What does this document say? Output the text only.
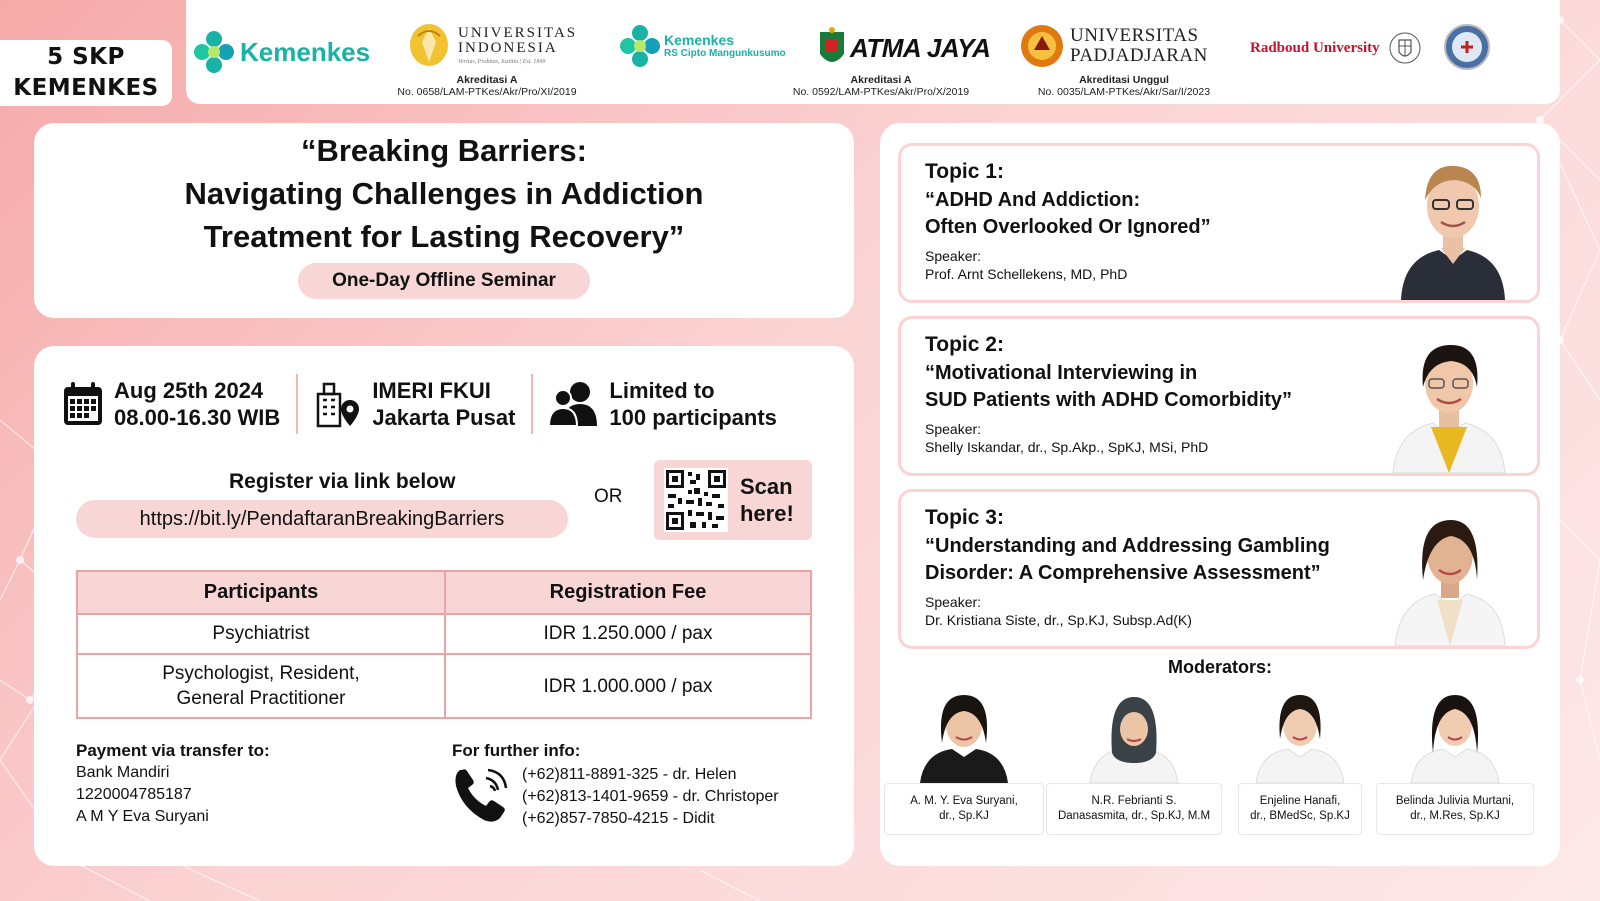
5 SKP
KEMENKES
Kemenkes
UNIVERSITAS
INDONESIA
Veritas, Probitas, Iustitia | Est. 1849
Akreditasi A
No. 0658/LAM-PTKes/Akr/Pro/XI/2019
Kemenkes
RS Cipto Mangunkusumo ATMA JAYA
Akreditasi A
No. 0592/LAM-PTKes/Akr/Pro/X/2019
UNIVERSITAS
PADJADJARAN
Akreditasi Unggul
No. 0035/LAM-PTKes/Akr/Sar/I/2023
Radboud University
“Breaking Barriers:
Navigating Challenges in Addiction
Treatment for Lasting Recovery”
One-Day Offline Seminar
Aug 25th 2024
08.00-16.30 WIB
IMERI FKUI
Jakarta Pusat
Limited to
100 participants
Register via link below
https://bit.ly/PendaftaranBreakingBarriers
OR	Scan
here!
Participants	Registration Fee
Psychiatrist	IDR 1.250.000 / pax

Psychologist, Resident,
General Practitioner	IDR 1.000.000 / pax
Payment via transfer to:
Bank Mandiri
1220004785187
A M Y Eva Suryani
For further info:
(+62)811-8891-325 - dr. Helen
(+62)813-1401-9659 - dr. Christoper
(+62)857-7850-4215 - Didit
Topic 1:
“ADHD And Addiction:
Often Overlooked Or Ignored”
Speaker:
Prof. Arnt Schellekens, MD, PhD
Topic 2:
“Motivational Interviewing in
SUD Patients with ADHD Comorbidity”
Speaker:
Shelly Iskandar, dr., Sp.Akp., SpKJ, MSi, PhD
Topic 3:
“Understanding and Addressing Gambling
Disorder: A Comprehensive Assessment”
Speaker:
Dr. Kristiana Siste, dr., Sp.KJ, Subsp.Ad(K)
Moderators:
A. M. Y. Eva Suryani,
dr., Sp.KJ
N.R. Febrianti S.
Danasasmita, dr., Sp.KJ, M.M
Enjeline Hanafi,
dr., BMedSc, Sp.KJ
Belinda Julivia Murtani,
dr., M.Res, Sp.KJ
